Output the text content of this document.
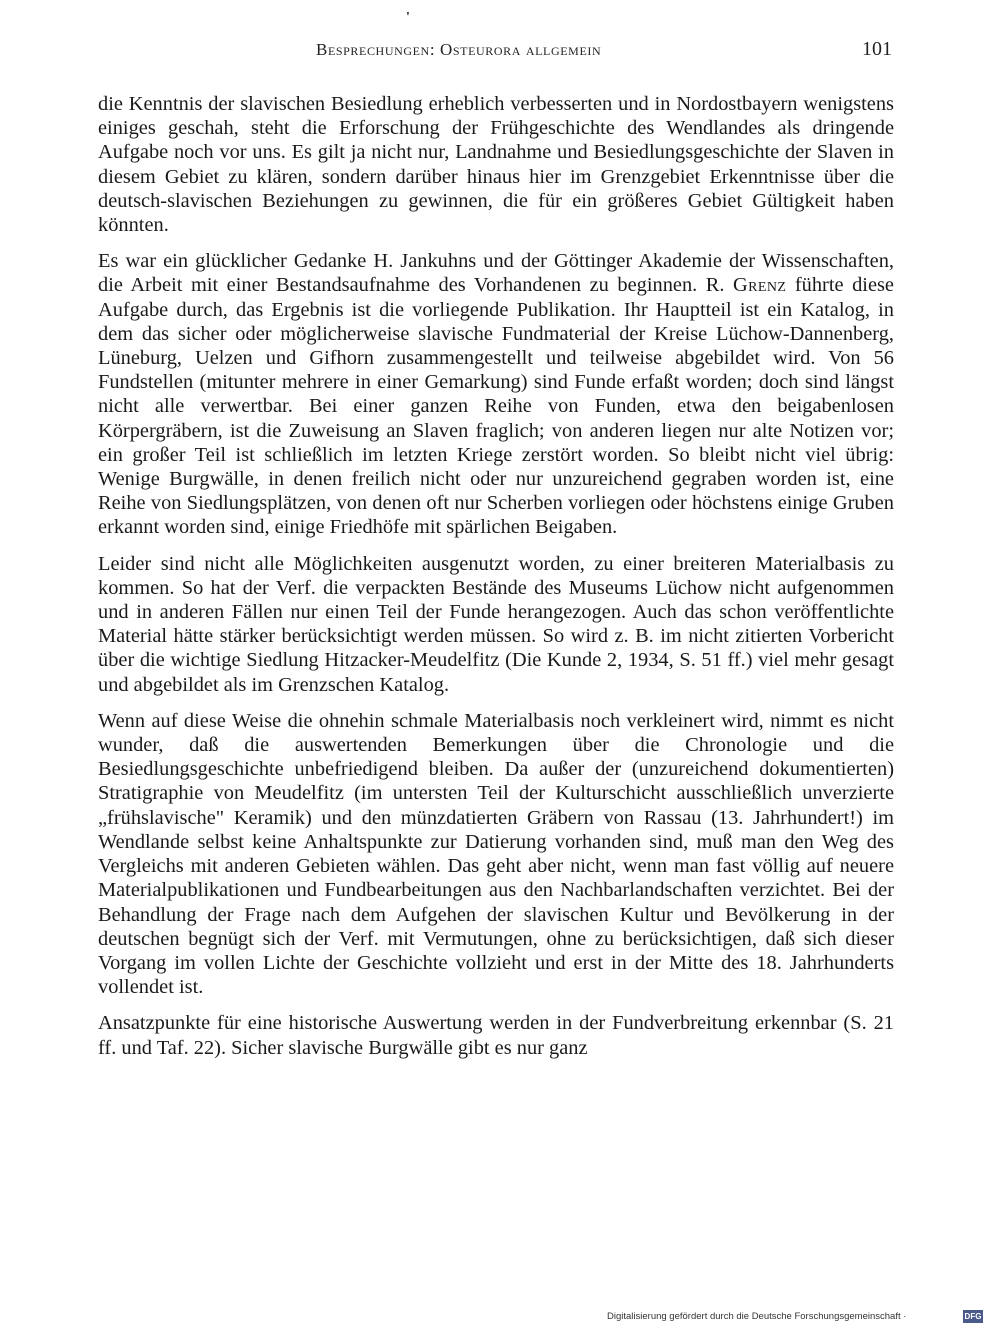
'
Besprechungen: Osteurora allgemein	101

die Kenntnis der slavischen Besiedlung erheblich verbesserten und in Nordostbayern wenigstens einiges geschah, steht die Erforschung der Frühgeschichte des Wendlandes als dringende Aufgabe noch vor uns. Es gilt ja nicht nur, Landnahme und Besiedlungsgeschichte der Slaven in diesem Gebiet zu klären, sondern darüber hinaus hier im Grenzgebiet Erkenntnisse über die deutsch-slavischen Beziehungen zu gewinnen, die für ein größeres Gebiet Gültigkeit haben könnten.

Es war ein glücklicher Gedanke H. Jankuhns und der Göttinger Akademie der Wissenschaften, die Arbeit mit einer Bestandsaufnahme des Vorhandenen zu beginnen. R. Grenz führte diese Aufgabe durch, das Ergebnis ist die vorliegende Publikation. Ihr Hauptteil ist ein Katalog, in dem das sicher oder möglicherweise slavische Fundmaterial der Kreise Lüchow-Dannenberg, Lüneburg, Uelzen und Gifhorn zusammengestellt und teilweise abgebildet wird. Von 56 Fundstellen (mitunter mehrere in einer Gemarkung) sind Funde erfaßt worden; doch sind längst nicht alle verwertbar. Bei einer ganzen Reihe von Funden, etwa den beigabenlosen Körpergräbern, ist die Zuweisung an Slaven fraglich; von anderen liegen nur alte Notizen vor; ein großer Teil ist schließlich im letzten Kriege zerstört worden. So bleibt nicht viel übrig: Wenige Burgwälle, in denen freilich nicht oder nur unzureichend gegraben worden ist, eine Reihe von Siedlungsplätzen, von denen oft nur Scherben vorliegen oder höchstens einige Gruben erkannt worden sind, einige Friedhöfe mit spärlichen Beigaben.

Leider sind nicht alle Möglichkeiten ausgenutzt worden, zu einer breiteren Materialbasis zu kommen. So hat der Verf. die verpackten Bestände des Museums Lüchow nicht aufgenommen und in anderen Fällen nur einen Teil der Funde herangezogen. Auch das schon veröffentlichte Material hätte stärker berücksichtigt werden müssen. So wird z. B. im nicht zitierten Vorbericht über die wichtige Siedlung Hitzacker-Meudelfitz (Die Kunde 2, 1934, S. 51 ff.) viel mehr gesagt und abgebildet als im Grenzschen Katalog.

Wenn auf diese Weise die ohnehin schmale Materialbasis noch verkleinert wird, nimmt es nicht wunder, daß die auswertenden Bemerkungen über die Chronologie und die Besiedlungsgeschichte unbefriedigend bleiben. Da außer der (unzureichend dokumentierten) Stratigraphie von Meudelfitz (im untersten Teil der Kulturschicht ausschließlich unverzierte „frühslavische" Keramik) und den münzdatierten Gräbern von Rassau (13. Jahrhundert!) im Wendlande selbst keine Anhaltspunkte zur Datierung vorhanden sind, muß man den Weg des Vergleichs mit anderen Gebieten wählen. Das geht aber nicht, wenn man fast völlig auf neuere Materialpublikationen und Fundbearbeitungen aus den Nachbarlandschaften verzichtet. Bei der Behandlung der Frage nach dem Aufgehen der slavischen Kultur und Bevölkerung in der deutschen begnügt sich der Verf. mit Vermutungen, ohne zu berücksichtigen, daß sich dieser Vorgang im vollen Lichte der Geschichte vollzieht und erst in der Mitte des 18. Jahrhunderts vollendet ist.

Ansatzpunkte für eine historische Auswertung werden in der Fundverbreitung erkennbar (S. 21 ff. und Taf. 22). Sicher slavische Burgwälle gibt es nur ganz

Digitalisierung gefördert durch die Deutsche Forschungsgemeinschaft ·	DFG
